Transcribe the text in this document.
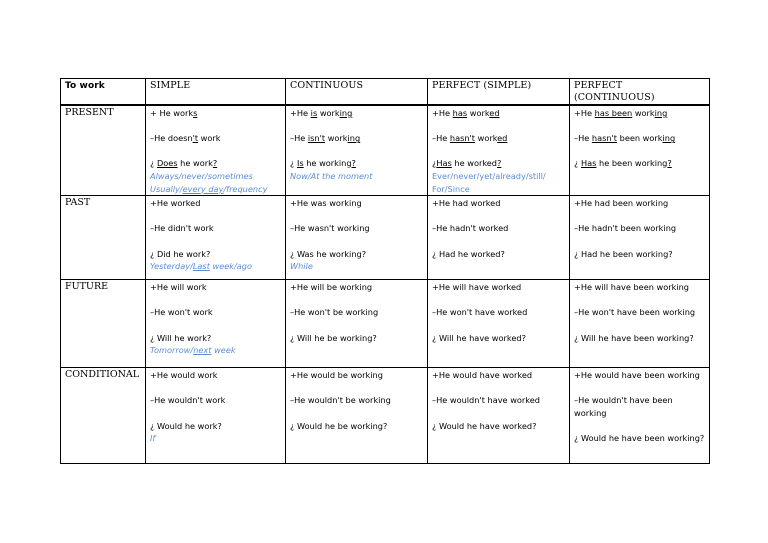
To work	SIMPLE	CONTINUOUS	PERFECT (SIMPLE)	PERFECT (CONTINUOUS)
PRESENT	+ He works
–He doesn't work
¿ Does he work?
Always/never/sometimes
Usually/every day/frequency	+He is working
–He isn't working
¿ Is he working?
Now/At the moment	+He has worked
–He hasn't worked
¿Has he worked?
Ever/never/yet/already/still/
For/Since	+He has been working
–He hasn't been working
¿ Has he been working?

PAST	+He worked
–He didn't work
¿ Did he work?
Yesterday/Last week/ago	+He was working
–He wasn't working
¿ Was he working?
While	+He had worked
–He hadn't worked
¿ Had he worked?	+He had been working
–He hadn't been working
¿ Had he been working?

FUTURE	+He will work
–He won't work
¿ Will he work?
Tomorrow/next week	+He will be working
–He won't be working
¿ Will he be working?	+He will have worked
–He won't have worked
¿ Will he have worked?	+He will have been working
–He won't have been working
¿ Will he have been working?

CONDITIONAL	+He would work
–He wouldn't work
¿ Would he work?
If	+He would be working
–He wouldn't be working
¿ Would he be working?	+He would have worked
–He wouldn't have worked
¿ Would he have worked?	+He would have been working
–He wouldn't have been working
¿ Would he have been working?
